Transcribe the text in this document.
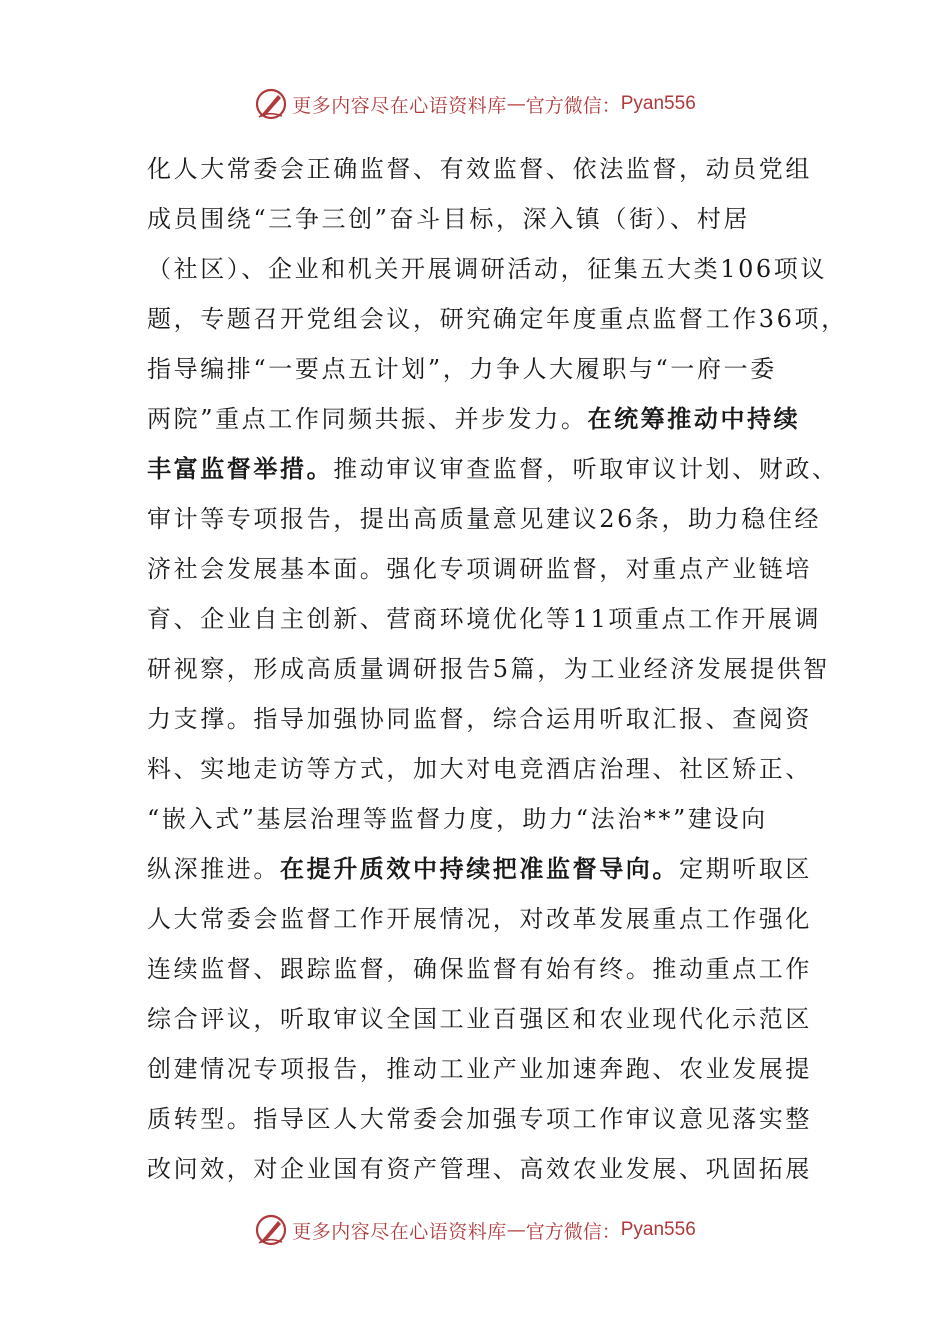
更多内容尽在心语资料库 — 官方微信： Pyan556
化人大常委会正确监督、有效监督、依法监督，动员党组
成员围绕“三争三创”奋斗目标，深入镇（街）、村居
（社区）、企业和机关开展调研活动，征集五大类106项议
题，专题召开党组会议，研究确定年度重点监督工作36项，
指导编排“一要点五计划”，力争人大履职与“一府一委
两院”重点工作同频共振、并步发力。在统筹推动中持续
丰富监督举措。推动审议审查监督，听取审议计划、财政、
审计等专项报告，提出高质量意见建议26条，助力稳住经
济社会发展基本面。强化专项调研监督，对重点产业链培
育、企业自主创新、营商环境优化等11项重点工作开展调
研视察，形成高质量调研报告5篇，为工业经济发展提供智
力支撑。指导加强协同监督，综合运用听取汇报、查阅资
料、实地走访等方式，加大对电竞酒店治理、社区矫正、
“嵌入式”基层治理等监督力度，助力“法治**”建设向
纵深推进。在提升质效中持续把准监督导向。定期听取区
人大常委会监督工作开展情况，对改革发展重点工作强化
连续监督、跟踪监督，确保监督有始有终。推动重点工作
综合评议，听取审议全国工业百强区和农业现代化示范区
创建情况专项报告，推动工业产业加速奔跑、农业发展提
质转型。指导区人大常委会加强专项工作审议意见落实整
改问效，对企业国有资产管理、高效农业发展、巩固拓展
更多内容尽在心语资料库 — 官方微信： Pyan556
